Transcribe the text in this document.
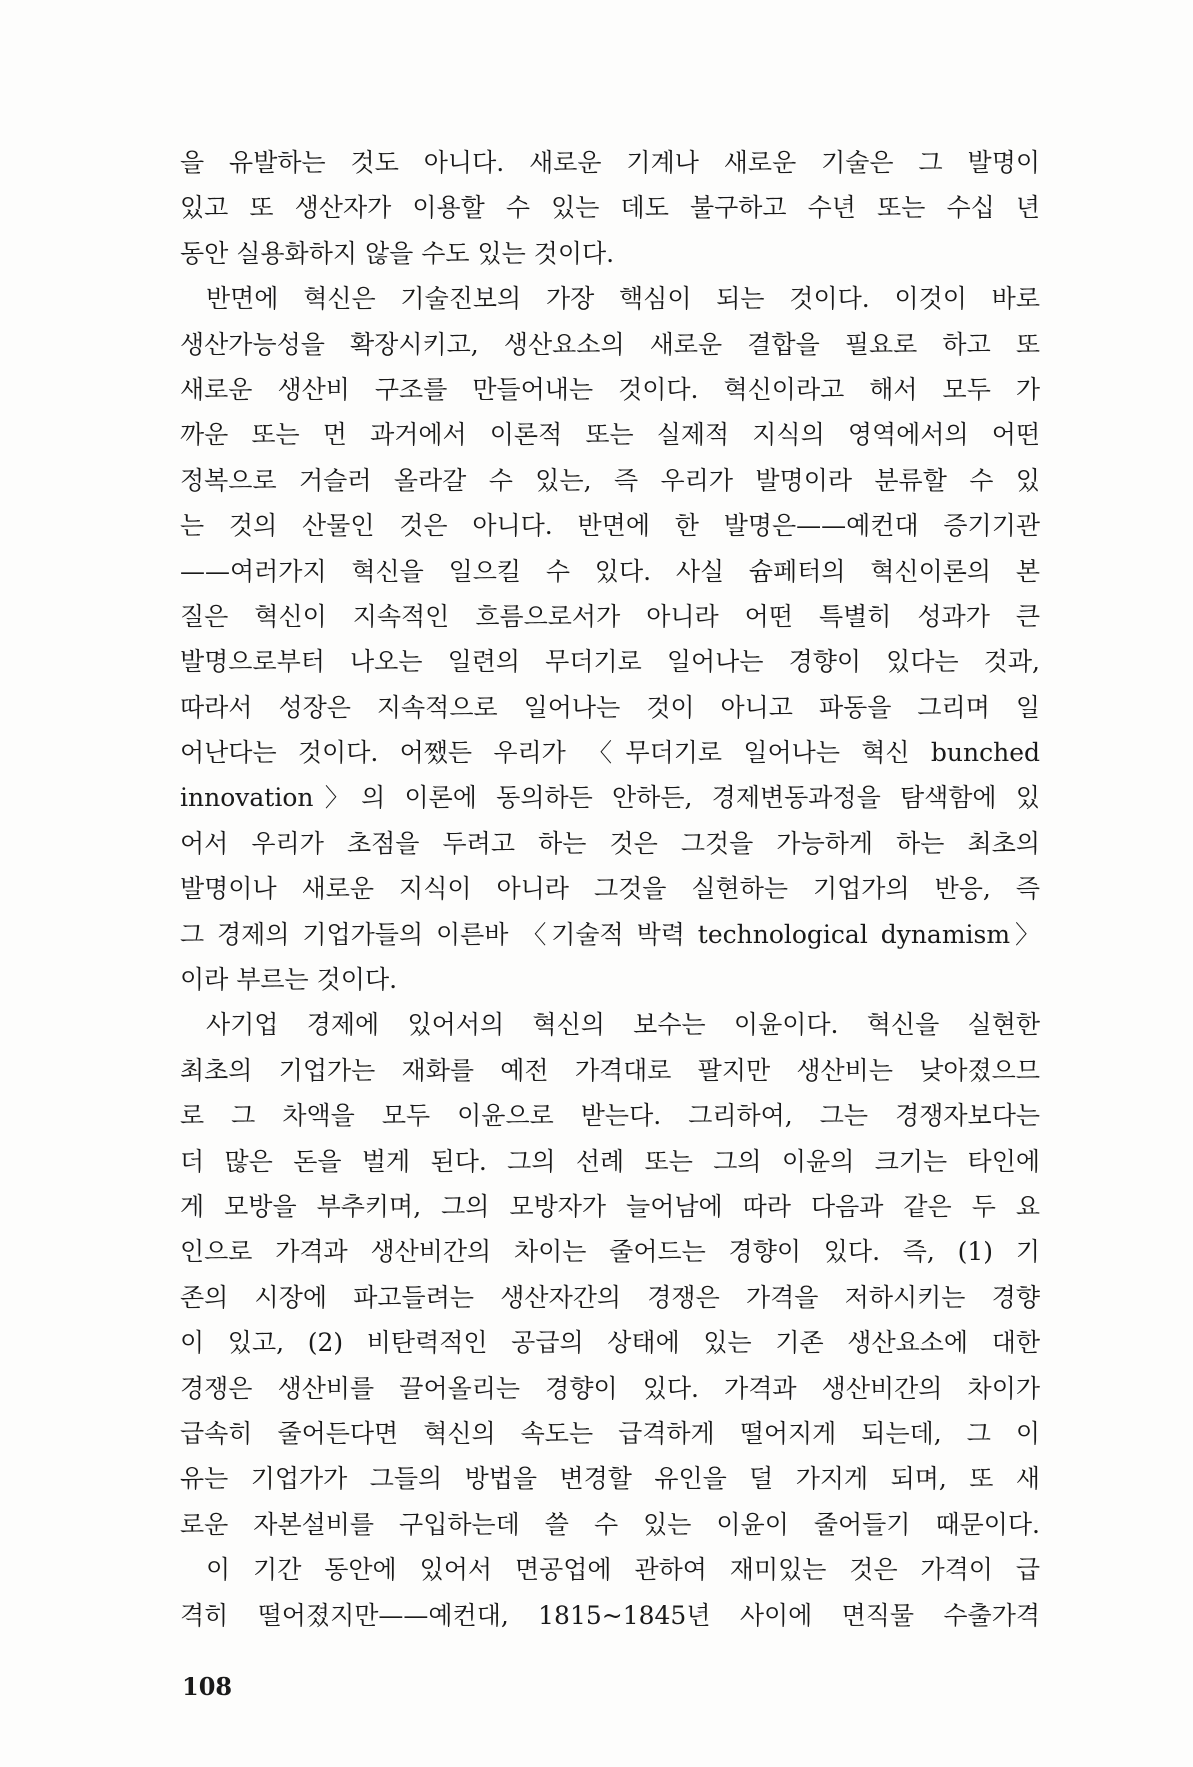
을 유발하는 것도 아니다. 새로운 기계나 새로운 기술은 그 발명이
있고 또 생산자가 이용할 수 있는 데도 불구하고 수년 또는 수십 년
동안 실용화하지 않을 수도 있는 것이다.
반면에 혁신은 기술진보의 가장 핵심이 되는 것이다. 이것이 바로
생산가능성을 확장시키고, 생산요소의 새로운 결합을 필요로 하고 또
새로운 생산비 구조를 만들어내는 것이다. 혁신이라고 해서 모두 가
까운 또는 먼 과거에서 이론적 또는 실제적 지식의 영역에서의 어떤
정복으로 거슬러 올라갈 수 있는, 즉 우리가 발명이라 분류할 수 있
는 것의 산물인 것은 아니다. 반면에 한 발명은——예컨대 증기기관
——여러가지 혁신을 일으킬 수 있다. 사실 슘페터의 혁신이론의 본
질은 혁신이 지속적인 흐름으로서가 아니라 어떤 특별히 성과가 큰
발명으로부터 나오는 일련의 무더기로 일어나는 경향이 있다는 것과,
따라서 성장은 지속적으로 일어나는 것이 아니고 파동을 그리며 일
어난다는 것이다. 어쨌든 우리가 〈무더기로 일어나는 혁신 bunched
innovation〉의 이론에 동의하든 안하든, 경제변동과정을 탐색함에 있
어서 우리가 초점을 두려고 하는 것은 그것을 가능하게 하는 최초의
발명이나 새로운 지식이 아니라 그것을 실현하는 기업가의 반응, 즉
그 경제의 기업가들의 이른바 〈기술적 박력 technological dynamism〉
이라 부르는 것이다.
사기업 경제에 있어서의 혁신의 보수는 이윤이다. 혁신을 실현한
최초의 기업가는 재화를 예전 가격대로 팔지만 생산비는 낮아졌으므
로 그 차액을 모두 이윤으로 받는다. 그리하여, 그는 경쟁자보다는
더 많은 돈을 벌게 된다. 그의 선례 또는 그의 이윤의 크기는 타인에
게 모방을 부추키며, 그의 모방자가 늘어남에 따라 다음과 같은 두 요
인으로 가격과 생산비간의 차이는 줄어드는 경향이 있다. 즉, (1) 기
존의 시장에 파고들려는 생산자간의 경쟁은 가격을 저하시키는 경향
이 있고, (2) 비탄력적인 공급의 상태에 있는 기존 생산요소에 대한
경쟁은 생산비를 끌어올리는 경향이 있다. 가격과 생산비간의 차이가
급속히 줄어든다면 혁신의 속도는 급격하게 떨어지게 되는데, 그 이
유는 기업가가 그들의 방법을 변경할 유인을 덜 가지게 되며, 또 새
로운 자본설비를 구입하는데 쓸 수 있는 이윤이 줄어들기 때문이다.
이 기간 동안에 있어서 면공업에 관하여 재미있는 것은 가격이 급
격히 떨어졌지만——예컨대, 1815~1845년 사이에 면직물 수출가격
108
